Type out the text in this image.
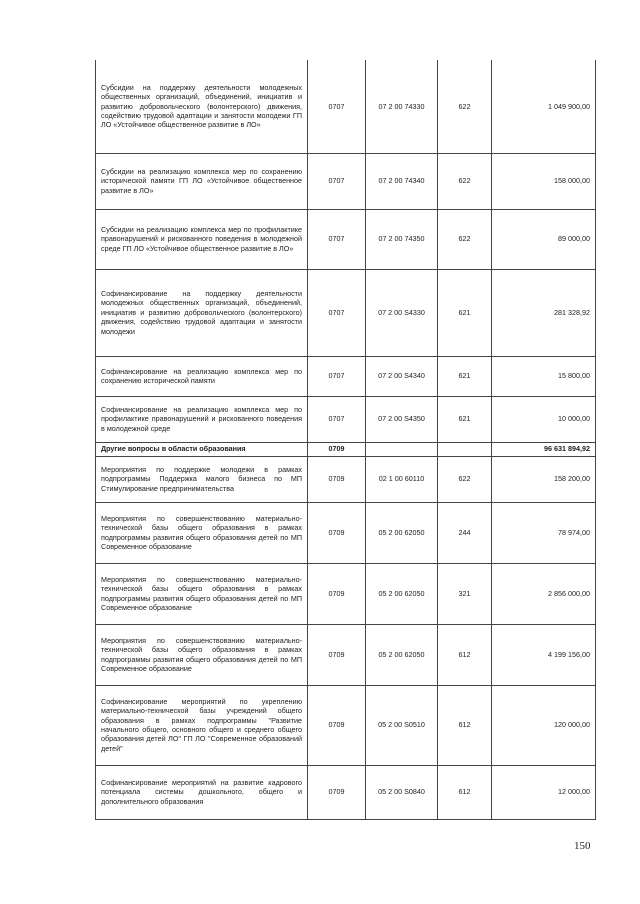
Субсидии на поддержку деятельности молодежных общественных организаций, объединений, инициатив и развитию добровольческого (волонтерского) движения, содействию трудовой адаптации и занятости молодежи ГП ЛО «Устойчивое общественное развитие в ЛО»	0707	07 2 00 74330	622	1 049 900,00
Субсидии на реализацию комплекса мер по сохранению исторической памяти ГП ЛО «Устойчивое общественное развитие в ЛО»	0707	07 2 00 74340	622	158 000,00
Субсидии на реализацию комплекса мер по профилактике правонарушений и рискованного поведения в молодежной среде ГП ЛО «Устойчивое общественное развитие в ЛО»	0707	07 2 00 74350	622	89 000,00
Софинансирование на поддержку деятельности молодежных общественных организаций, объединений, инициатив и развитию добровольческого (волонтерского) движения, содействию трудовой адаптации и занятости молодежи	0707	07 2 00 S4330	621	281 328,92
Софинансирование на реализацию комплекса мер по сохранению исторической памяти	0707	07 2 00 S4340	621	15 800,00
Софинансирование на реализацию комплекса мер по профилактике правонарушений и рискованного поведения в молодежной среде	0707	07 2 00 S4350	621	10 000,00
Другие вопросы в области образования	0709			96 631 894,92
Мероприятия по поддержке молодежи в рамках подпрограммы Поддержка малого бизнеса по МП Стимулирование предпринимательства	0709	02 1 00 60110	622	158 200,00
Мероприятия по совершенствованию материально-технической базы общего образования в рамках подпрограммы развития общего образования детей по МП Современное образование	0709	05 2 00 62050	244	78 974,00
Мероприятия по совершенствованию материально-технической базы общего образования в рамках подпрограммы развития общего образования детей по МП Современное образование	0709	05 2 00 62050	321	2 856 000,00
Мероприятия по совершенствованию материально-технической базы общего образования в рамках подпрограммы развития общего образования детей по МП Современное образование	0709	05 2 00 62050	612	4 199 156,00
Софинансирование мероприятий по укреплению материально-технической базы учреждений общего образования в рамках подпрограммы "Развитие начального общего, основного общего и среднего общего образования детей ЛО" ГП ЛО "Современное образований детей"	0709	05 2 00 S0510	612	120 000,00
Софинансирование мероприятий на развитие кадрового потенциала системы дошкольного, общего и дополнительного образования	0709	05 2 00 S0840	612	12 000,00
150
